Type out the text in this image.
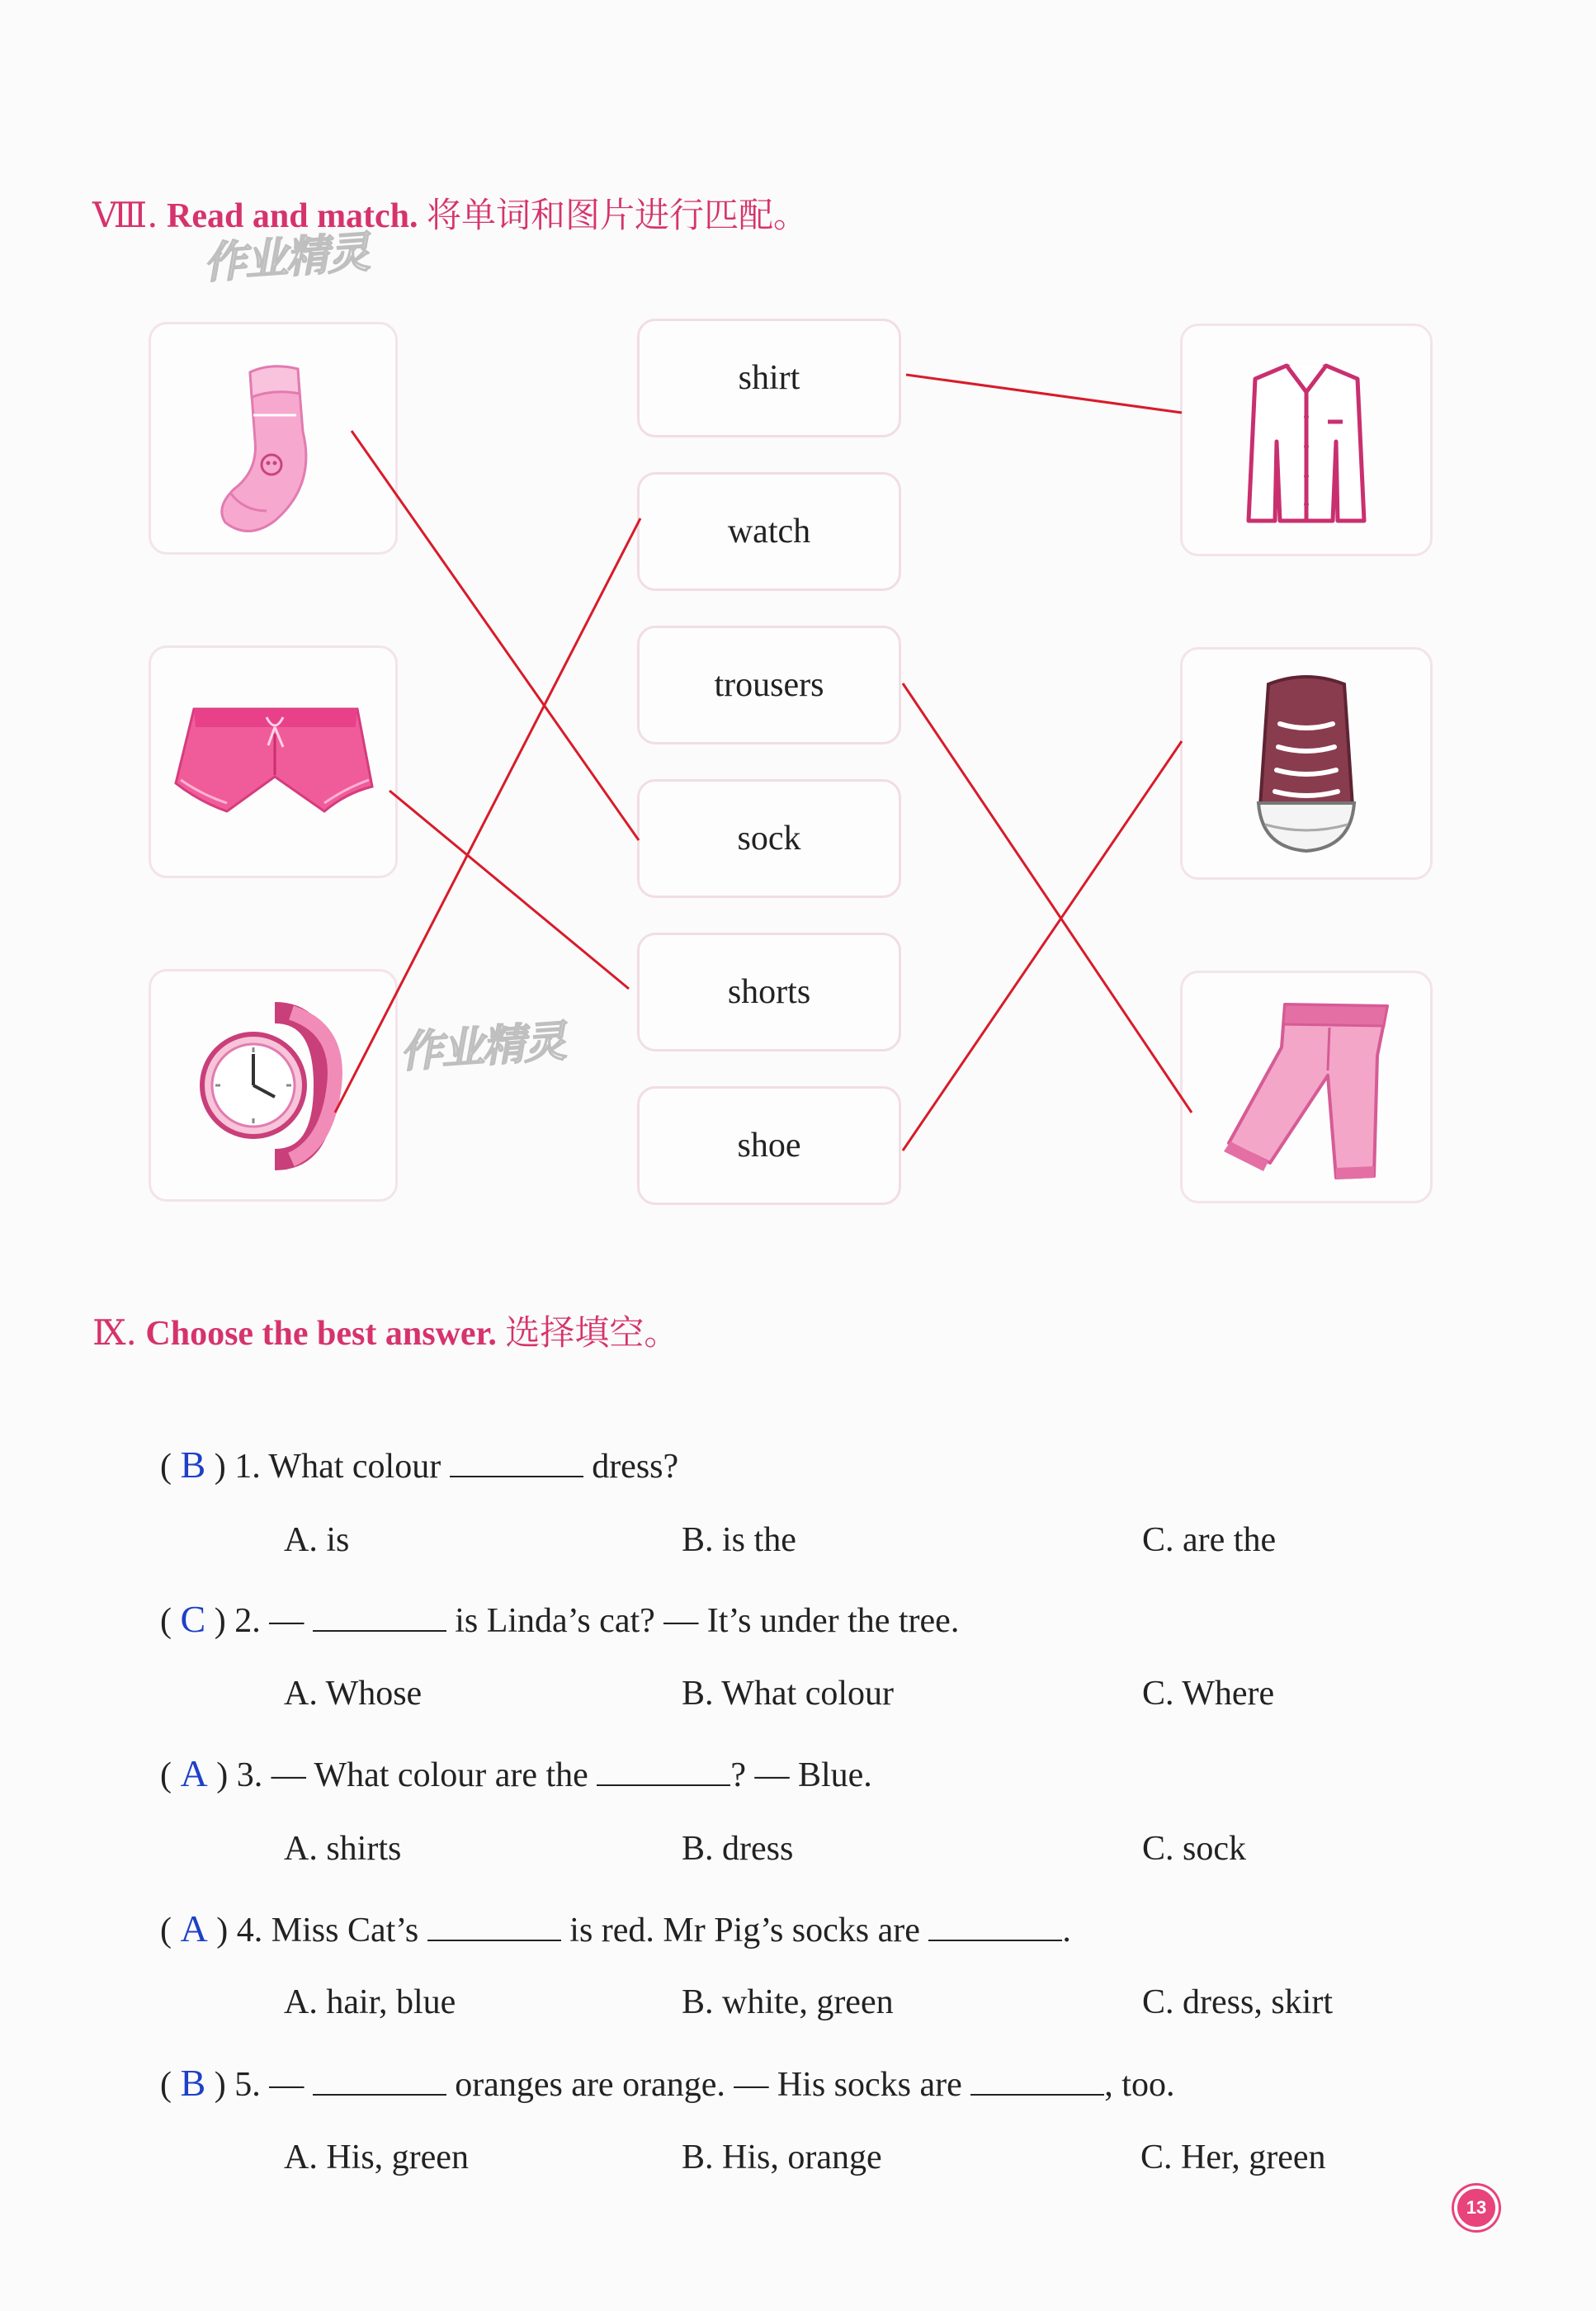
Ⅷ. Read and match. 将单词和图片进行匹配。
作业精灵
作业精灵
shirt
watch
trousers
sock
shorts
shoe
Ⅸ. Choose the best answer. 选择填空。
( B ) 1. What colour	dress?
A. is	B. is the	C. are the
( C ) 2. —	is Linda’s cat? — It’s under the tree.
A. Whose	B. What colour	C. Where
( A ) 3. — What colour are the	? — Blue.
A. shirts	B. dress	C. sock
( A ) 4. Miss Cat’s	is red. Mr Pig’s socks are	.
A. hair, blue	B. white, green	C. dress, skirt
( B ) 5. —	oranges are orange. — His socks are	, too.
A. His, green	B. His, orange	C. Her, green
13
